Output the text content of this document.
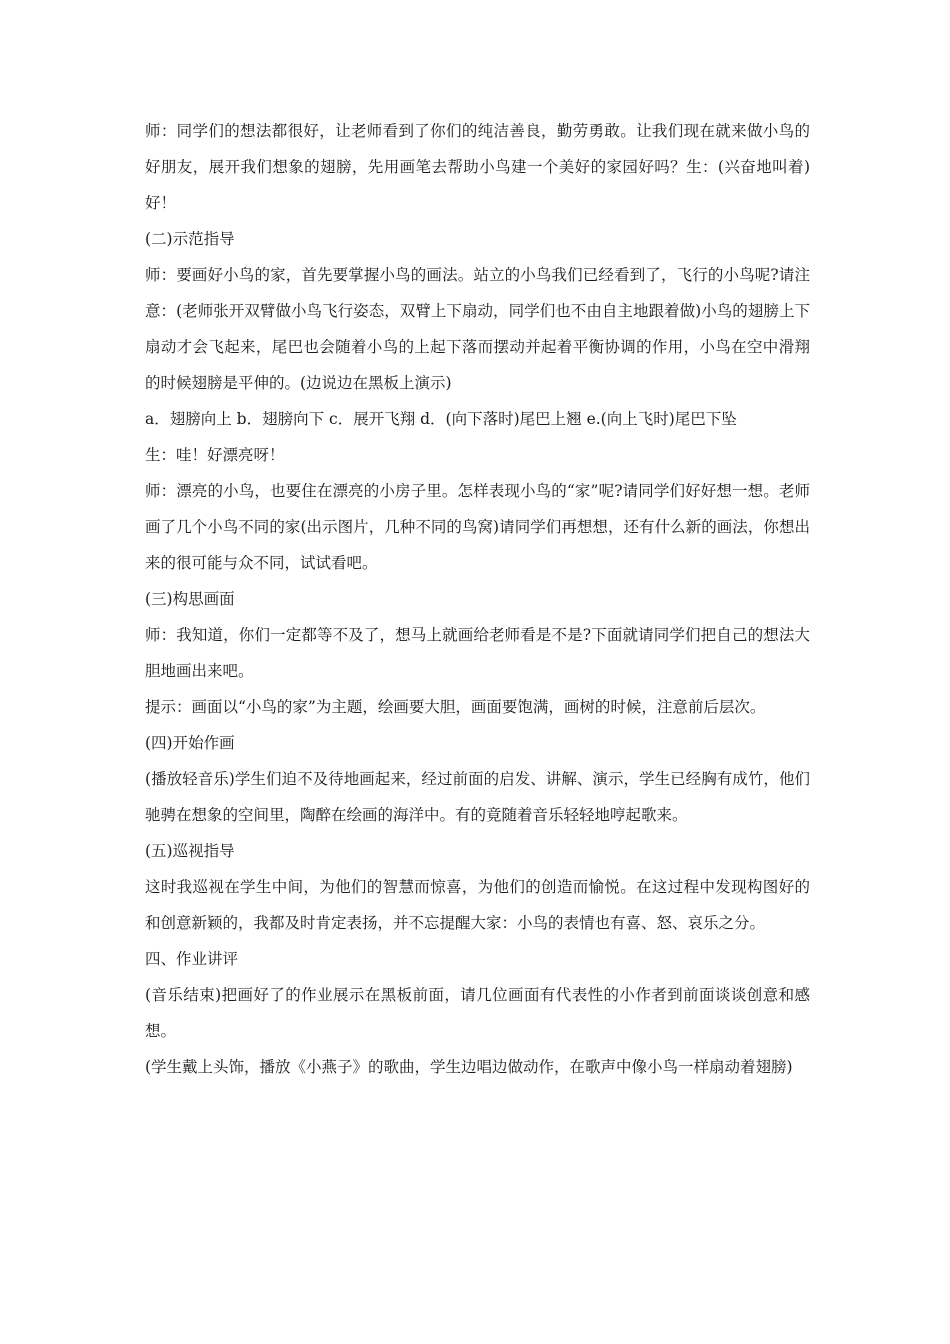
师：同学们的想法都很好，让老师看到了你们的纯洁善良，勤劳勇敢。让我们现在就来做小鸟的好朋友，展开我们想象的翅膀，先用画笔去帮助小鸟建一个美好的家园好吗？生：(兴奋地叫着)好！

(二)示范指导

师：要画好小鸟的家，首先要掌握小鸟的画法。站立的小鸟我们已经看到了，飞行的小鸟呢?请注意：(老师张开双臂做小鸟飞行姿态，双臂上下扇动，同学们也不由自主地跟着做)小鸟的翅膀上下扇动才会飞起来，尾巴也会随着小鸟的上起下落而摆动并起着平衡协调的作用，小鸟在空中滑翔的时候翅膀是平伸的。(边说边在黑板上演示)

a．翅膀向上 b．翅膀向下 c．展开飞翔 d．(向下落时)尾巴上翘 e.(向上飞时)尾巴下坠

生：哇！好漂亮呀！

师：漂亮的小鸟，也要住在漂亮的小房子里。怎样表现小鸟的“家”呢?请同学们好好想一想。老师画了几个小鸟不同的家(出示图片，几种不同的鸟窝)请同学们再想想，还有什么新的画法，你想出来的很可能与众不同，试试看吧。

(三)构思画面

师：我知道，你们一定都等不及了，想马上就画给老师看是不是?下面就请同学们把自己的想法大胆地画出来吧。

提示：画面以“小鸟的家”为主题，绘画要大胆，画面要饱满，画树的时候，注意前后层次。

(四)开始作画

(播放轻音乐)学生们迫不及待地画起来，经过前面的启发、讲解、演示，学生已经胸有成竹，他们驰骋在想象的空间里，陶醉在绘画的海洋中。有的竟随着音乐轻轻地哼起歌来。

(五)巡视指导

这时我巡视在学生中间，为他们的智慧而惊喜，为他们的创造而愉悦。在这过程中发现构图好的和创意新颖的，我都及时肯定表扬，并不忘提醒大家：小鸟的表情也有喜、怒、哀乐之分。

四、作业讲评

(音乐结束)把画好了的作业展示在黑板前面，请几位画面有代表性的小作者到前面谈谈创意和感想。

(学生戴上头饰，播放《小燕子》的歌曲，学生边唱边做动作，在歌声中像小鸟一样扇动着翅膀)
